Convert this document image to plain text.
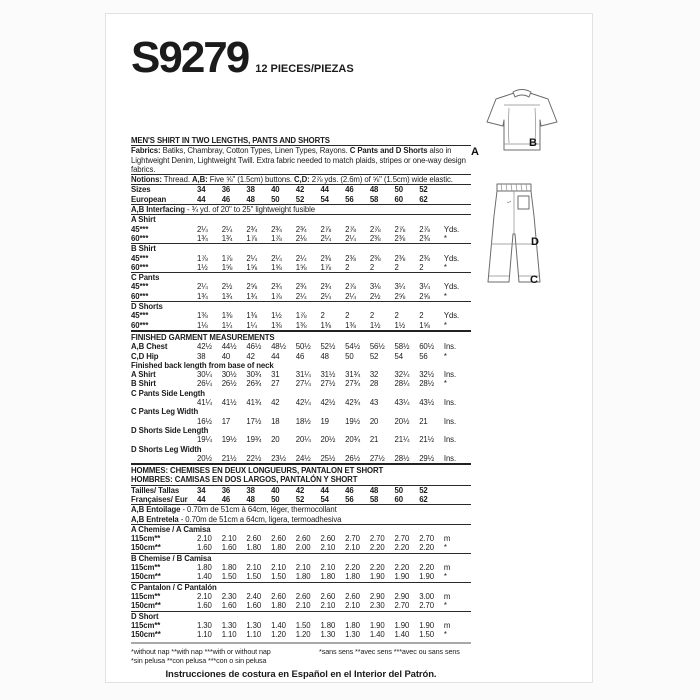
S9279 12 PIECES/PIEZAS
MEN'S SHIRT IN TWO LENGTHS, PANTS AND SHORTS
Fabrics: Batiks, Chambray, Cotton Types, Linen Types, Rayons. C Pants and D Shorts also in Lightweight Denim, Lightweight Twill. Extra fabric needed to match plaids, stripes or one-way design fabrics.
Notions: Thread. A,B: Five ⅝" (1.5cm) buttons. C,D: 2⅞ yds. (2.6m) of ⅝" (1.5cm) wide elastic.
Sizes	34	36	38	40	42	44	46	48	50	52
European	44	46	48	50	52	54	56	58	60	62
A,B Interfacing - ¾ yd. of 20" to 25" lightweight fusible
A Shirt
45***	2¼	2¼	2¾	2¾	2¾	2⅞	2⅞	2⅞	2⅞	2⅞	Yds.
60***	1¾	1¾	1⅞	1⅞	2⅛	2¼	2¼	2⅜	2⅜	2⅜	*
B Shirt
45***	1⅞	1⅞	2¼	2¼	2¼	2⅜	2⅜	2⅜	2⅜	2⅜	Yds.
60***	1½	1⅝	1⅝	1⅝	1⅝	1⅞	2	2	2	2	*
C Pants
45***	2¼	2½	2⅝	2¾	2¾	2¾	2⅞	3⅛	3¼	3¼	Yds.
60***	1¾	1¾	1¾	1⅞	2¼	2¼	2¼	2½	2⅝	2⅝	*
D Shorts
45***	1⅜	1⅜	1⅜	1½	1⅞	2	2	2	2	2	Yds.
60***	1⅛	1¼	1¼	1⅜	1⅜	1⅜	1⅜	1½	1½	1⅝	*
FINISHED GARMENT MEASUREMENTS
A,B Chest	42½	44½	46½	48½	50½	52½	54½	56½	58½	60½	Ins.
C,D Hip	38	40	42	44	46	48	50	52	54	56	*
Finished back length from base of neck
A Shirt	30¼	30½	30¾	31	31¼	31½	31¾	32	32¼	32½	Ins.
B Shirt	26¼	26½	26¾	27	27¼	27½	27¾	28	28¼	28½	*
C Pants Side Length
41¼	41½	41¾	42	42¼	42½	42¾	43	43¼	43½	Ins.
C Pants Leg Width
16½	17	17½	18	18½	19	19½	20	20½	21	Ins.
D Shorts Side Length
19¼	19½	19¾	20	20¼	20½	20¾	21	21¼	21½	Ins.
D Shorts Leg Width
20½	21½	22½	23½	24½	25½	26½	27½	28½	29½	Ins.
HOMMES: CHEMISES EN DEUX LONGUEURS, PANTALON ET SHORT
HOMBRES: CAMISAS EN DOS LARGOS, PANTALÓN Y SHORT
Tailles/ Tallas	34	36	38	40	42	44	46	48	50	52
Françaises/ Eur	44	46	48	50	52	54	56	58	60	62
A,B Entoilage - 0.70m de 51cm à 64cm, léger, thermocollant
A,B Entretela - 0.70m de 51cm a 64cm, ligera, termoadhesiva
A Chemise / A Camisa
115cm**	2.10	2.10	2.60	2.60	2.60	2.60	2.70	2.70	2.70	2.70	m
150cm**	1.60	1.60	1.80	1.80	2.00	2.10	2.10	2.20	2.20	2.20	*
B Chemise / B Camisa
115cm**	1.80	1.80	2.10	2.10	2.10	2.10	2.20	2.20	2.20	2.20	m
150cm**	1.40	1.50	1.50	1.50	1.80	1.80	1.80	1.90	1.90	1.90	*
C Pantalon / C Pantalón
115cm**	2.10	2.30	2.40	2.60	2.60	2.60	2.60	2.90	2.90	3.00	m
150cm**	1.60	1.60	1.60	1.80	2.10	2.10	2.10	2.30	2.70	2.70	*
D Short
115cm**	1.30	1.30	1.30	1.40	1.50	1.80	1.80	1.90	1.90	1.90	m
150cm**	1.10	1.10	1.10	1.20	1.20	1.30	1.30	1.40	1.40	1.50	*
*without nap **with nap ***with or without nap	*sans sens **avec sens ***avec ou sans sens
*sin pelusa **con pelusa ***con o sin pelusa
Instrucciones de costura en Español en el Interior del Patrón.
A
B
D
C
